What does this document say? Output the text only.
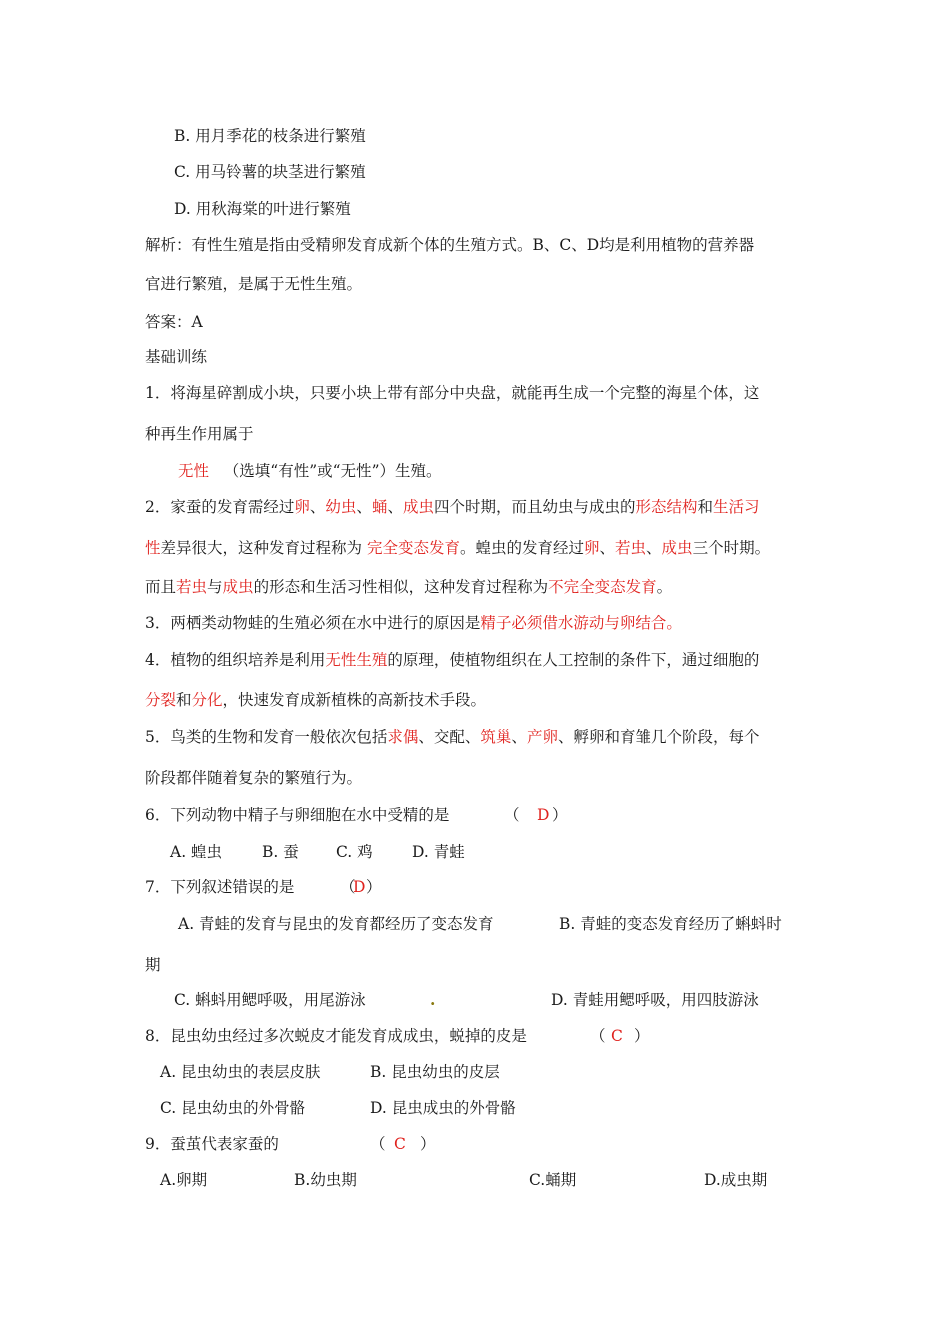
B. 用月季花的枝条进行繁殖
C. 用马铃薯的块茎进行繁殖
D. 用秋海棠的叶进行繁殖
解析：有性生殖是指由受精卵发育成新个体的生殖方式。B、C、D均是利用植物的营养器
官进行繁殖，是属于无性生殖。
答案：A
基础训练
1．将海星碎割成小块，只要小块上带有部分中央盘，就能再生成一个完整的海星个体，这
种再生作用属于
无性 （选填“有性”或“无性”）生殖。
2．家蚕的发育需经过卵、幼虫、蛹、成虫四个时期，而且幼虫与成虫的形态结构和生活习
性差异很大，这种发育过程称为 完全变态发育。蝗虫的发育经过卵、若虫、成虫三个时期。
而且若虫与成虫的形态和生活习性相似，这种发育过程称为不完全变态发育。
3．两栖类动物蛙的生殖必须在水中进行的原因是精子必须借水游动与卵结合。
4．植物的组织培养是利用无性生殖的原理，使植物组织在人工控制的条件下，通过细胞的
分裂和分化，快速发育成新植株的高新技术手段。
5．鸟类的生物和发育一般依次包括求偶、交配、筑巢、产卵、孵卵和育雏几个阶段，每个
阶段都伴随着复杂的繁殖行为。
6．下列动物中精子与卵细胞在水中受精的是	（ D ）
A. 蝗虫	B. 蚕 C. 鸡	D. 青蛙
7．下列叙述错误的是	（
D ）
A. 青蛙的发育与昆虫的发育都经历了变态发育	B. 青蛙的变态发育经历了蝌蚪时
期
C. 蝌蚪用鳃呼吸，用尾游泳	.	D. 青蛙用鳃呼吸，用四肢游泳
8．昆虫幼虫经过多次蜕皮才能发育成成虫，蜕掉的皮是	（ C ）
A. 昆虫幼虫的表层皮肤	B. 昆虫幼虫的皮层
C. 昆虫幼虫的外骨骼	D. 昆虫成虫的外骨骼
9．蚕茧代表家蚕的	（ C ）
A.卵期	B.幼虫期	C.蛹期	D.成虫期
